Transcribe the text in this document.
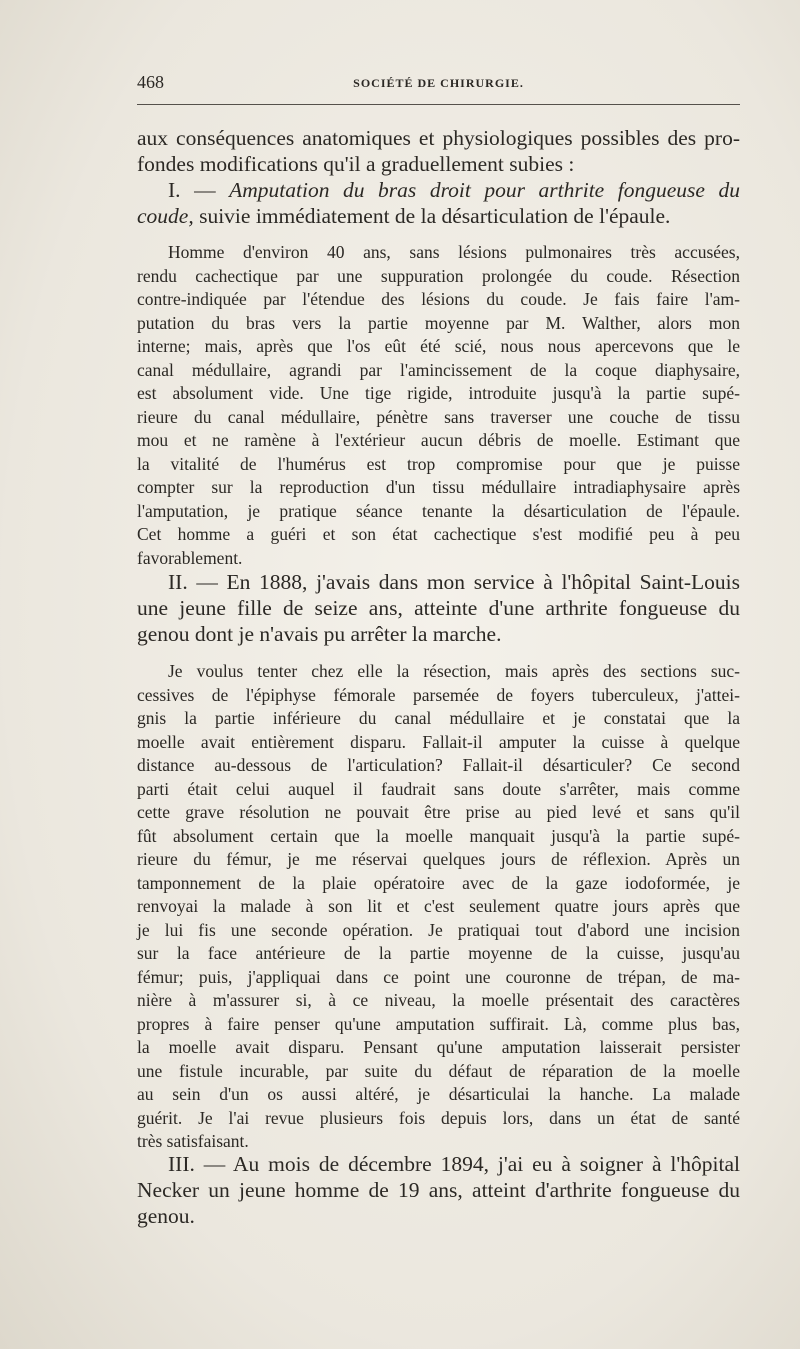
468	SOCIÉTÉ DE CHIRURGIE.
aux conséquences anatomiques et physiologiques possibles des pro-
fondes modifications qu'il a graduellement subies :
I. — Amputation du bras droit pour arthrite fongueuse du
coude, suivie immédiatement de la désarticulation de l'épaule.
Homme d'environ 40 ans, sans lésions pulmonaires très accusées,
rendu cachectique par une suppuration prolongée du coude. Résection
contre-indiquée par l'étendue des lésions du coude. Je fais faire l'am-
putation du bras vers la partie moyenne par M. Walther, alors mon
interne; mais, après que l'os eût été scié, nous nous apercevons que le
canal médullaire, agrandi par l'amincissement de la coque diaphysaire,
est absolument vide. Une tige rigide, introduite jusqu'à la partie supé-
rieure du canal médullaire, pénètre sans traverser une couche de tissu
mou et ne ramène à l'extérieur aucun débris de moelle. Estimant que
la vitalité de l'humérus est trop compromise pour que je puisse
compter sur la reproduction d'un tissu médullaire intradiaphysaire après
l'amputation, je pratique séance tenante la désarticulation de l'épaule.
Cet homme a guéri et son état cachectique s'est modifié peu à peu
favorablement.
II. — En 1888, j'avais dans mon service à l'hôpital Saint-Louis
une jeune fille de seize ans, atteinte d'une arthrite fongueuse du
genou dont je n'avais pu arrêter la marche.
Je voulus tenter chez elle la résection, mais après des sections suc-
cessives de l'épiphyse fémorale parsemée de foyers tuberculeux, j'attei-
gnis la partie inférieure du canal médullaire et je constatai que la
moelle avait entièrement disparu. Fallait-il amputer la cuisse à quelque
distance au-dessous de l'articulation? Fallait-il désarticuler? Ce second
parti était celui auquel il faudrait sans doute s'arrêter, mais comme
cette grave résolution ne pouvait être prise au pied levé et sans qu'il
fût absolument certain que la moelle manquait jusqu'à la partie supé-
rieure du fémur, je me réservai quelques jours de réflexion. Après un
tamponnement de la plaie opératoire avec de la gaze iodoformée, je
renvoyai la malade à son lit et c'est seulement quatre jours après que
je lui fis une seconde opération. Je pratiquai tout d'abord une incision
sur la face antérieure de la partie moyenne de la cuisse, jusqu'au
fémur; puis, j'appliquai dans ce point une couronne de trépan, de ma-
nière à m'assurer si, à ce niveau, la moelle présentait des caractères
propres à faire penser qu'une amputation suffirait. Là, comme plus bas,
la moelle avait disparu. Pensant qu'une amputation laisserait persister
une fistule incurable, par suite du défaut de réparation de la moelle
au sein d'un os aussi altéré, je désarticulai la hanche. La malade
guérit. Je l'ai revue plusieurs fois depuis lors, dans un état de santé
très satisfaisant.
III. — Au mois de décembre 1894, j'ai eu à soigner à l'hôpital
Necker un jeune homme de 19 ans, atteint d'arthrite fongueuse du
genou.
